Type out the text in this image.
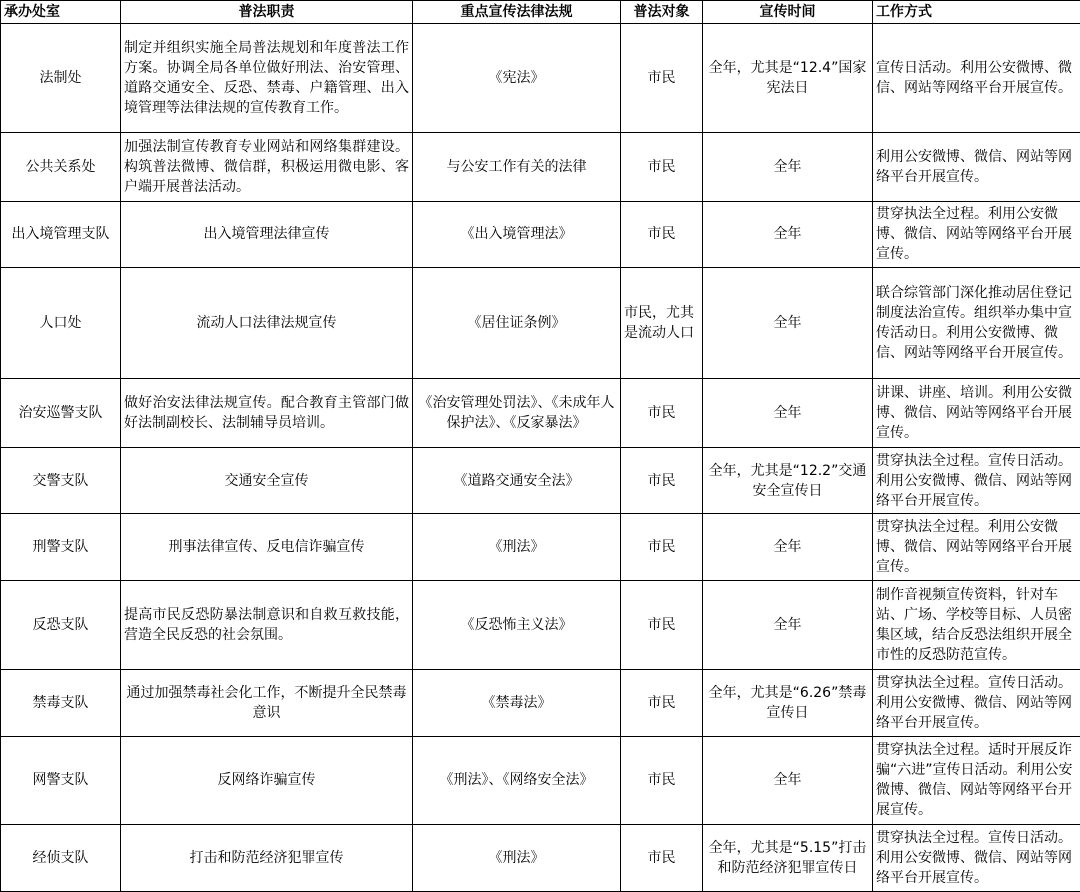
承办处室	普法职责	重点宣传法律法规	普法对象	宣传时间	工作方式
法制处	制定并组织实施全局普法规划和年度普法工作方案。协调全局各单位做好刑法、治安管理、道路交通安全、反恐、禁毒、户籍管理、出入境管理等法律法规的宣传教育工作。	《宪法》	市民	全年，尤其是“12.4”国家宪法日	宣传日活动。利用公安微博、微信、网站等网络平台开展宣传。
公共关系处	加强法制宣传教育专业网站和网络集群建设。构筑普法微博、微信群，积极运用微电影、客户端开展普法活动。	与公安工作有关的法律	市民	全年	利用公安微博、微信、网站等网络平台开展宣传。
出入境管理支队	出入境管理法律宣传	《出入境管理法》	市民	全年	贯穿执法全过程。利用公安微博、微信、网站等网络平台开展宣传。
人口处	流动人口法律法规宣传	《居住证条例》	市民，尤其是流动人口	全年	联合综管部门深化推动居住登记制度法治宣传。组织举办集中宣传活动日。利用公安微博、微信、网站等网络平台开展宣传。
治安巡警支队	做好治安法律法规宣传。配合教育主管部门做好法制副校长、法制辅导员培训。	《治安管理处罚法》、《未成年人保护法》、《反家暴法》	市民	全年	讲课、讲座、培训。利用公安微博、微信、网站等网络平台开展宣传。
交警支队	交通安全宣传	《道路交通安全法》	市民	全年，尤其是“12.2”交通安全宣传日	贯穿执法全过程。宣传日活动。利用公安微博、微信、网站等网络平台开展宣传。
刑警支队	刑事法律宣传、反电信诈骗宣传	《刑法》	市民	全年	贯穿执法全过程。利用公安微博、微信、网站等网络平台开展宣传。
反恐支队	提高市民反恐防暴法制意识和自救互救技能，营造全民反恐的社会氛围。	《反恐怖主义法》	市民	全年	制作音视频宣传资料，针对车站、广场、学校等目标、人员密集区域，结合反恐法组织开展全市性的反恐防范宣传。
禁毒支队	通过加强禁毒社会化工作，不断提升全民禁毒意识	《禁毒法》	市民	全年，尤其是“6.26”禁毒宣传日	贯穿执法全过程。宣传日活动。利用公安微博、微信、网站等网络平台开展宣传。
网警支队	反网络诈骗宣传	《刑法》、《网络安全法》	市民	全年	贯穿执法全过程。适时开展反诈骗“六进”宣传日活动。利用公安微博、微信、网站等网络平台开展宣传。
经侦支队	打击和防范经济犯罪宣传	《刑法》	市民	全年，尤其是“5.15”打击和防范经济犯罪宣传日	贯穿执法全过程。宣传日活动。利用公安微博、微信、网站等网络平台开展宣传。
